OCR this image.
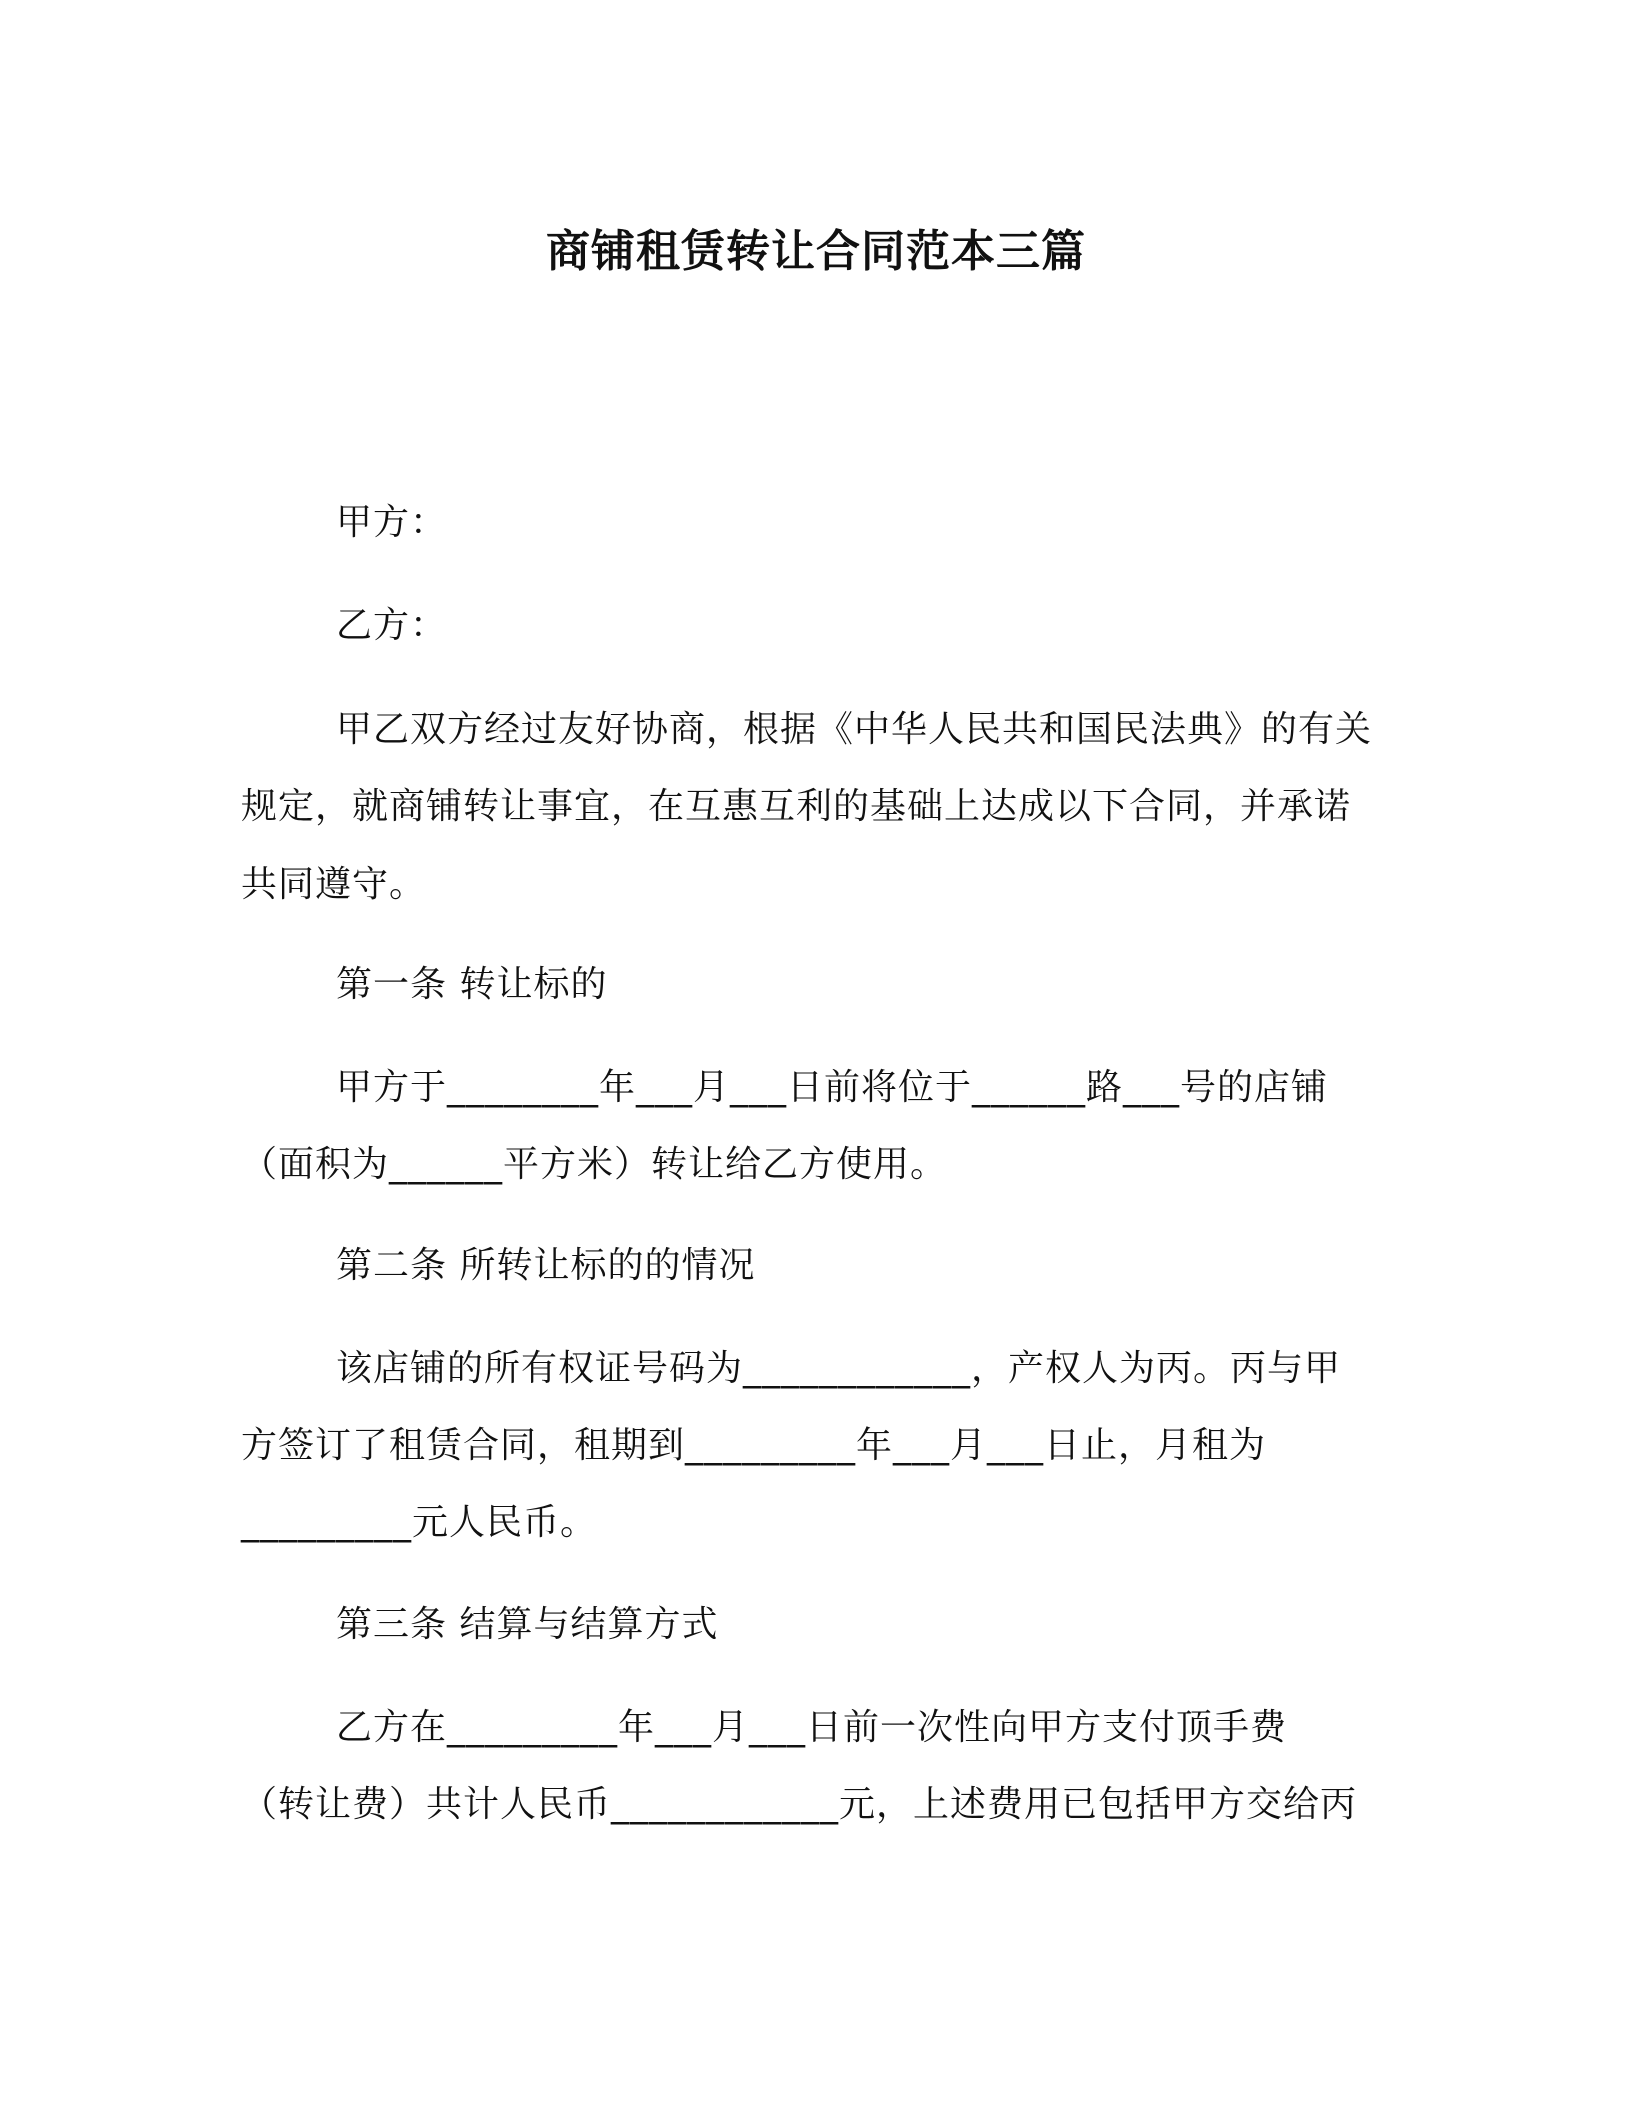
商铺租赁转让合同范本三篇
甲方：
乙方：
甲乙双方经过友好协商，根据《中华人民共和国民法典》的有关
规定，就商铺转让事宜，在互惠互利的基础上达成以下合同，并承诺
共同遵守。
第一条 转让标的
甲方于________年___月___日前将位于______路___号的店铺
（面积为______平方米）转让给乙方使用。
第二条 所转让标的的情况
该店铺的所有权证号码为____________，产权人为丙。丙与甲
方签订了租赁合同，租期到_________年___月___日止，月租为
_________元人民币。
第三条 结算与结算方式
乙方在_________年___月___日前一次性向甲方支付顶手费
（转让费）共计人民币____________元，上述费用已包括甲方交给丙
